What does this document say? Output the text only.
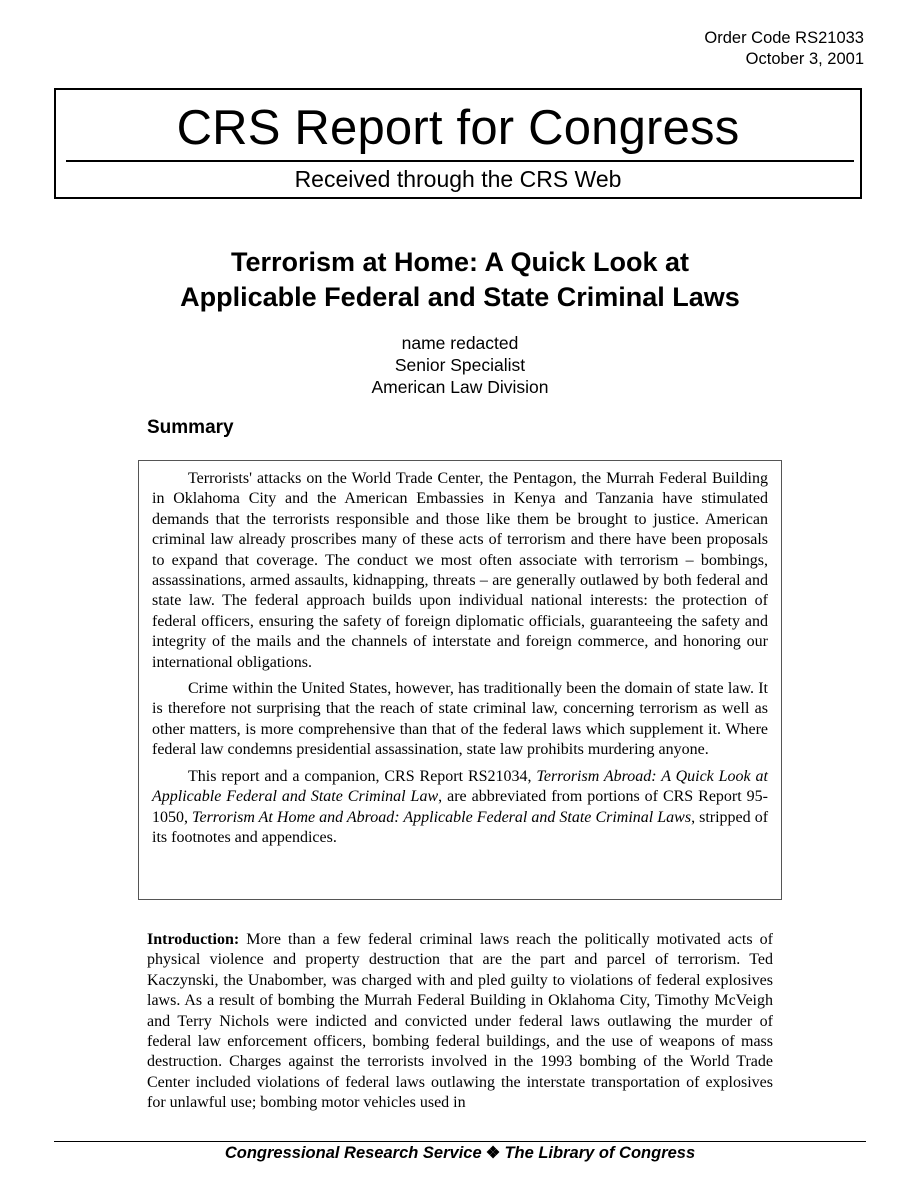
Order Code RS21033
October 3, 2001
CRS Report for Congress
Received through the CRS Web
Terrorism at Home: A Quick Look at
Applicable Federal and State Criminal Laws
name redacted
Senior Specialist
American Law Division
Summary

Terrorists' attacks on the World Trade Center, the Pentagon, the Murrah Federal Building in Oklahoma City and the American Embassies in Kenya and Tanzania have stimulated demands that the terrorists responsible and those like them be brought to justice. American criminal law already proscribes many of these acts of terrorism and there have been proposals to expand that coverage. The conduct we most often associate with terrorism – bombings, assassinations, armed assaults, kidnapping, threats – are generally outlawed by both federal and state law. The federal approach builds upon individual national interests: the protection of federal officers, ensuring the safety of foreign diplomatic officials, guaranteeing the safety and integrity of the mails and the channels of interstate and foreign commerce, and honoring our international obligations.

Crime within the United States, however, has traditionally been the domain of state law. It is therefore not surprising that the reach of state criminal law, concerning terrorism as well as other matters, is more comprehensive than that of the federal laws which supplement it. Where federal law condemns presidential assassination, state law prohibits murdering anyone.

This report and a companion, CRS Report RS21034, Terrorism Abroad: A Quick Look at Applicable Federal and State Criminal Law, are abbreviated from portions of CRS Report 95-1050, Terrorism At Home and Abroad: Applicable Federal and State Criminal Laws, stripped of its footnotes and appendices.

Introduction: More than a few federal criminal laws reach the politically motivated acts of physical violence and property destruction that are the part and parcel of terrorism. Ted Kaczynski, the Unabomber, was charged with and pled guilty to violations of federal explosives laws. As a result of bombing the Murrah Federal Building in Oklahoma City, Timothy McVeigh and Terry Nichols were indicted and convicted under federal laws outlawing the murder of federal law enforcement officers, bombing federal buildings, and the use of weapons of mass destruction. Charges against the terrorists involved in the 1993 bombing of the World Trade Center included violations of federal laws outlawing the interstate transportation of explosives for unlawful use; bombing motor vehicles used in

Congressional Research Service ❖ The Library of Congress
